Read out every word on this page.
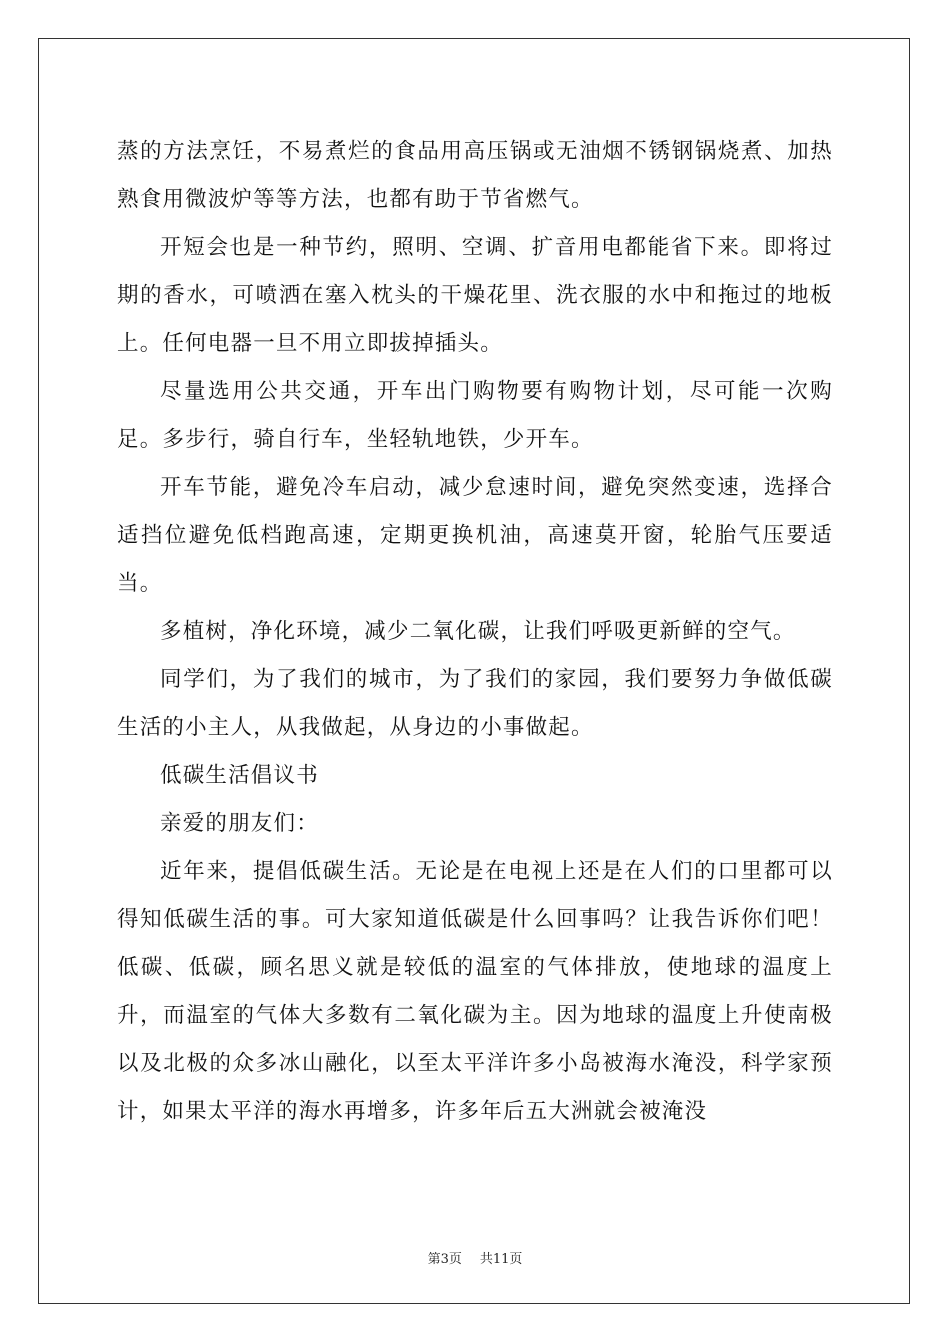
蒸的方法烹饪，不易煮烂的食品用高压锅或无油烟不锈钢锅烧煮、加热熟食用微波炉等等方法，也都有助于节省燃气。

开短会也是一种节约，照明、空调、扩音用电都能省下来。即将过期的香水，可喷洒在塞入枕头的干燥花里、洗衣服的水中和拖过的地板上。任何电器一旦不用立即拔掉插头。

尽量选用公共交通，开车出门购物要有购物计划，尽可能一次购足。多步行，骑自行车，坐轻轨地铁，少开车。

开车节能，避免冷车启动，减少怠速时间，避免突然变速，选择合适挡位避免低档跑高速，定期更换机油，高速莫开窗，轮胎气压要适当。

多植树，净化环境，减少二氧化碳，让我们呼吸更新鲜的空气。

同学们，为了我们的城市，为了我们的家园，我们要努力争做低碳生活的小主人，从我做起，从身边的小事做起。

低碳生活倡议书

亲爱的朋友们：

近年来，提倡低碳生活。无论是在电视上还是在人们的口里都可以得知低碳生活的事。可大家知道低碳是什么回事吗？让我告诉你们吧！低碳、低碳，顾名思义就是较低的温室的气体排放，使地球的温度上升，而温室的气体大多数有二氧化碳为主。因为地球的温度上升使南极以及北极的众多冰山融化，以至太平洋许多小岛被海水淹没，科学家预计，如果太平洋的海水再增多，许多年后五大洲就会被淹没

第3页 共11页
